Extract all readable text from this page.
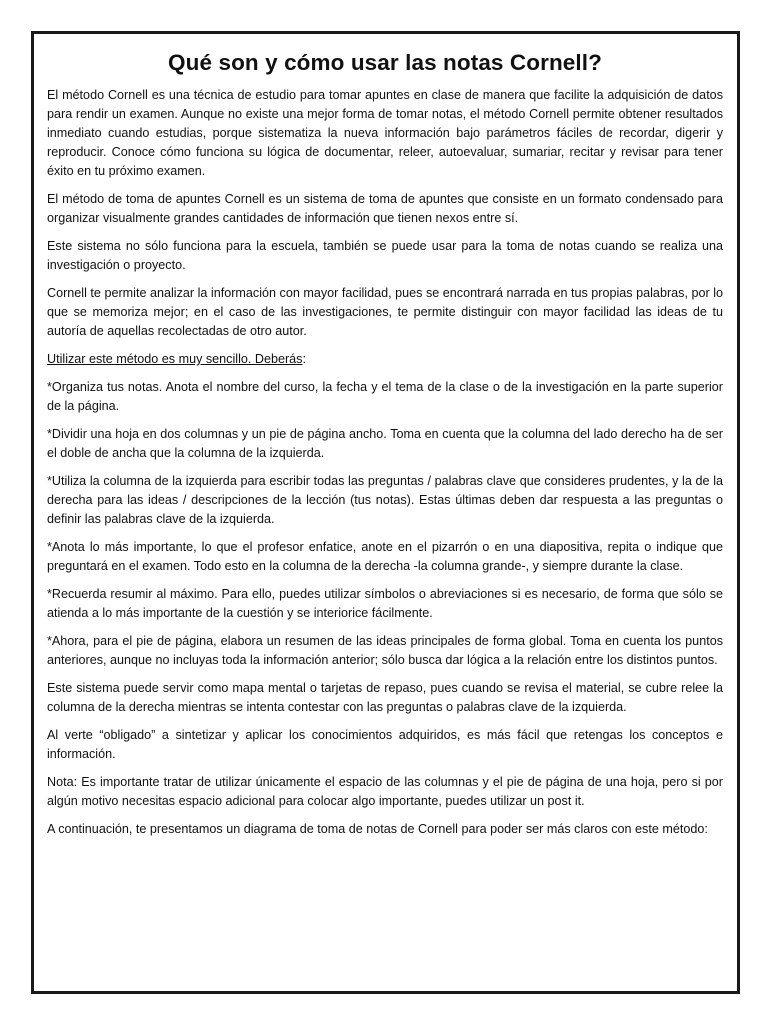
Qué son y cómo usar las notas Cornell?

El método Cornell es una técnica de estudio para tomar apuntes en clase de manera que facilite la adquisición de datos para rendir un examen. Aunque no existe una mejor forma de tomar notas, el método Cornell permite obtener resultados inmediato cuando estudias, porque sistematiza la nueva información bajo parámetros fáciles de recordar, digerir y reproducir. Conoce cómo funciona su lógica de documentar, releer, autoevaluar, sumariar, recitar y revisar para tener éxito en tu próximo examen.

El método de toma de apuntes Cornell es un sistema de toma de apuntes que consiste en un formato condensado para organizar visualmente grandes cantidades de información que tienen nexos entre sí.

Este sistema no sólo funciona para la escuela, también se puede usar para la toma de notas cuando se realiza una investigación o proyecto.

Cornell te permite analizar la información con mayor facilidad, pues se encontrará narrada en tus propias palabras, por lo que se memoriza mejor; en el caso de las investigaciones, te permite distinguir con mayor facilidad las ideas de tu autoría de aquellas recolectadas de otro autor.

Utilizar este método es muy sencillo. Deberás:

*Organiza tus notas. Anota el nombre del curso, la fecha y el tema de la clase o de la investigación en la parte superior de la página.

*Dividir una hoja en dos columnas y un pie de página ancho. Toma en cuenta que la columna del lado derecho ha de ser el doble de ancha que la columna de la izquierda.

*Utiliza la columna de la izquierda para escribir todas las preguntas / palabras clave que consideres prudentes, y la de la derecha para las ideas / descripciones de la lección (tus notas). Estas últimas deben dar respuesta a las preguntas o definir las palabras clave de la izquierda.

*Anota lo más importante, lo que el profesor enfatice, anote en el pizarrón o en una diapositiva, repita o indique que preguntará en el examen. Todo esto en la columna de la derecha -la columna grande-, y siempre durante la clase.

*Recuerda resumir al máximo. Para ello, puedes utilizar símbolos o abreviaciones si es necesario, de forma que sólo se atienda a lo más importante de la cuestión y se interiorice fácilmente.

*Ahora, para el pie de página, elabora un resumen de las ideas principales de forma global. Toma en cuenta los puntos anteriores, aunque no incluyas toda la información anterior; sólo busca dar lógica a la relación entre los distintos puntos.

Este sistema puede servir como mapa mental o tarjetas de repaso, pues cuando se revisa el material, se cubre relee la columna de la derecha mientras se intenta contestar con las preguntas o palabras clave de la izquierda.

Al verte “obligado” a sintetizar y aplicar los conocimientos adquiridos, es más fácil que retengas los conceptos e información.

Nota: Es importante tratar de utilizar únicamente el espacio de las columnas y el pie de página de una hoja, pero si por algún motivo necesitas espacio adicional para colocar algo importante, puedes utilizar un post it.

A continuación, te presentamos un diagrama de toma de notas de Cornell para poder ser más claros con este método:
